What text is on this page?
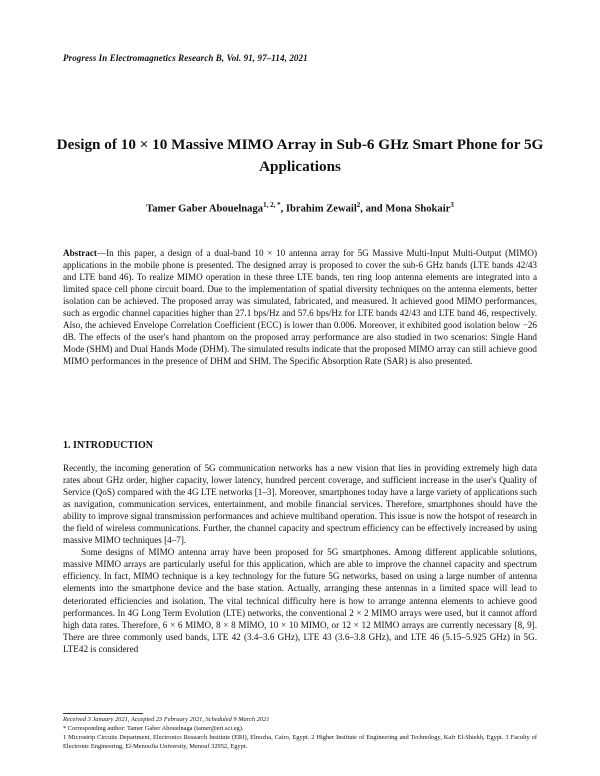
Progress In Electromagnetics Research B, Vol. 91, 97–114, 2021
Design of 10 × 10 Massive MIMO Array in Sub-6 GHz Smart Phone for 5G Applications
Tamer Gaber Abouelnaga$^{1, 2, *}$, Ibrahim Zewail$^2$, and Mona Shokair$^3$
Abstract—In this paper, a design of a dual-band 10 × 10 antenna array for 5G Massive Multi-Input Multi-Output (MIMO) applications in the mobile phone is presented. The designed array is proposed to cover the sub-6 GHz bands (LTE bands 42/43 and LTE band 46). To realize MIMO operation in these three LTE bands, ten ring loop antenna elements are integrated into a limited space cell phone circuit board. Due to the implementation of spatial diversity techniques on the antenna elements, better isolation can be achieved. The proposed array was simulated, fabricated, and measured. It achieved good MIMO performances, such as ergodic channel capacities higher than 27.1 bps/Hz and 57.6 bps/Hz for LTE bands 42/43 and LTE band 46, respectively. Also, the achieved Envelope Correlation Coefficient (ECC) is lower than 0.006. Moreover, it exhibited good isolation below −26 dB. The effects of the user's hand phantom on the proposed array performance are also studied in two scenarios: Single Hand Mode (SHM) and Dual Hands Mode (DHM). The simulated results indicate that the proposed MIMO array can still achieve good MIMO performances in the presence of DHM and SHM. The Specific Absorption Rate (SAR) is also presented.
1. INTRODUCTION

Recently, the incoming generation of 5G communication networks has a new vision that lies in providing extremely high data rates about GHz order, higher capacity, lower latency, hundred percent coverage, and sufficient increase in the user's Quality of Service (QoS) compared with the 4G LTE networks [1–3]. Moreover, smartphones today have a large variety of applications such as navigation, communication services, entertainment, and mobile financial services. Therefore, smartphones should have the ability to improve signal transmission performances and achieve multiband operation. This issue is now the hotspot of research in the field of wireless communications. Further, the channel capacity and spectrum efficiency can be effectively increased by using massive MIMO techniques [4–7].

Some designs of MIMO antenna array have been proposed for 5G smartphones. Among different applicable solutions, massive MIMO arrays are particularly useful for this application, which are able to improve the channel capacity and spectrum efficiency. In fact, MIMO technique is a key technology for the future 5G networks, based on using a large number of antenna elements into the smartphone device and the base station. Actually, arranging these antennas in a limited space will lead to deteriorated efficiencies and isolation. The vital technical difficulty here is how to arrange antenna elements to achieve good performances. In 4G Long Term Evolution (LTE) networks, the conventional 2 × 2 MIMO arrays were used, but it cannot afford high data rates. Therefore, 6 × 6 MIMO, 8 × 8 MIMO, 10 × 10 MIMO, or 12 × 12 MIMO arrays are currently necessary [8, 9]. There are three commonly used bands, LTE 42 (3.4–3.6 GHz), LTE 43 (3.6–3.8 GHz), and LTE 46 (5.15–5.925 GHz) in 5G. LTE42 is considered

Received 3 January 2021, Accepted 23 February 2021, Scheduled 9 March 2021
* Corresponding author: Tamer Gaber Abouelnaga (tamer@eri.sci.eg).
1 Microstrip Circuits Department, Electronics Research Institute (ERI), Elnozha, Cairo, Egypt. 2 Higher Institute of Engineering and Technology, Kafr El-Shiekh, Egypt. 3 Faculty of Electronic Engineering, El-Menoufia University, Menouf 32952, Egypt.
